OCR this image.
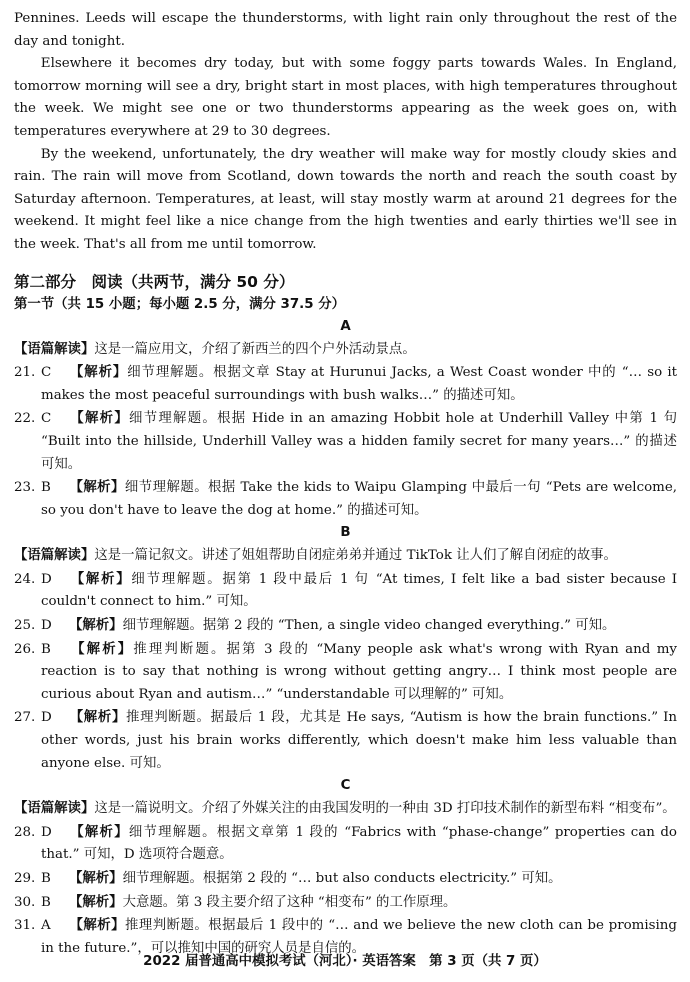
Pennines. Leeds will escape the thunderstorms, with light rain only throughout the rest of the day and tonight.

Elsewhere it becomes dry today, but with some foggy parts towards Wales. In England, tomorrow morning will see a dry, bright start in most places, with high temperatures throughout the week. We might see one or two thunderstorms appearing as the week goes on, with temperatures everywhere at 29 to 30 degrees.

By the weekend, unfortunately, the dry weather will make way for mostly cloudy skies and rain. The rain will move from Scotland, down towards the north and reach the south coast by Saturday afternoon. Temperatures, at least, will stay mostly warm at around 21 degrees for the weekend. It might feel like a nice change from the high twenties and early thirties we'll see in the week. That's all from me until tomorrow.

第二部分　阅读（共两节，满分 50 分）
第一节（共 15 小题；每小题 2.5 分，满分 37.5 分）
A
【语篇解读】这是一篇应用文，介绍了新西兰的四个户外活动景点。
21. C 【解析】细节理解题。根据文章 Stay at Hurunui Jacks, a West Coast wonder 中的 “… so it makes the most peaceful surroundings with bush walks…” 的描述可知。
22. C 【解析】细节理解题。根据 Hide in an amazing Hobbit hole at Underhill Valley 中第 1 句 “Built into the hillside, Underhill Valley was a hidden family secret for many years…” 的描述可知。
23. B 【解析】细节理解题。根据 Take the kids to Waipu Glamping 中最后一句 “Pets are welcome, so you don't have to leave the dog at home.” 的描述可知。
B
【语篇解读】这是一篇记叙文。讲述了姐姐帮助自闭症弟弟并通过 TikTok 让人们了解自闭症的故事。
24. D 【解析】细节理解题。据第 1 段中最后 1 句 “At times, I felt like a bad sister because I couldn't connect to him.” 可知。
25. D 【解析】细节理解题。据第 2 段的 “Then, a single video changed everything.” 可知。
26. B 【解析】推理判断题。据第 3 段的 “Many people ask what's wrong with Ryan and my reaction is to say that nothing is wrong without getting angry… I think most people are curious about Ryan and autism…” “understandable 可以理解的” 可知。
27. D 【解析】推理判断题。据最后 1 段，尤其是 He says, “Autism is how the brain functions.” In other words, just his brain works differently, which doesn't make him less valuable than anyone else. 可知。
C
【语篇解读】这是一篇说明文。介绍了外媒关注的由我国发明的一种由 3D 打印技术制作的新型布料 “相变布”。
28. D 【解析】细节理解题。根据文章第 1 段的 “Fabrics with “phase-change” properties can do that.” 可知，D 选项符合题意。
29. B 【解析】细节理解题。根据第 2 段的 “… but also conducts electricity.” 可知。
30. B 【解析】大意题。第 3 段主要介绍了这种 “相变布” 的工作原理。
31. A 【解析】推理判断题。根据最后 1 段中的 “… and we believe the new cloth can be promising in the future.”，可以推知中国的研究人员是自信的。
2022 届普通高中模拟考试（河北）· 英语答案　第 3 页（共 7 页）
